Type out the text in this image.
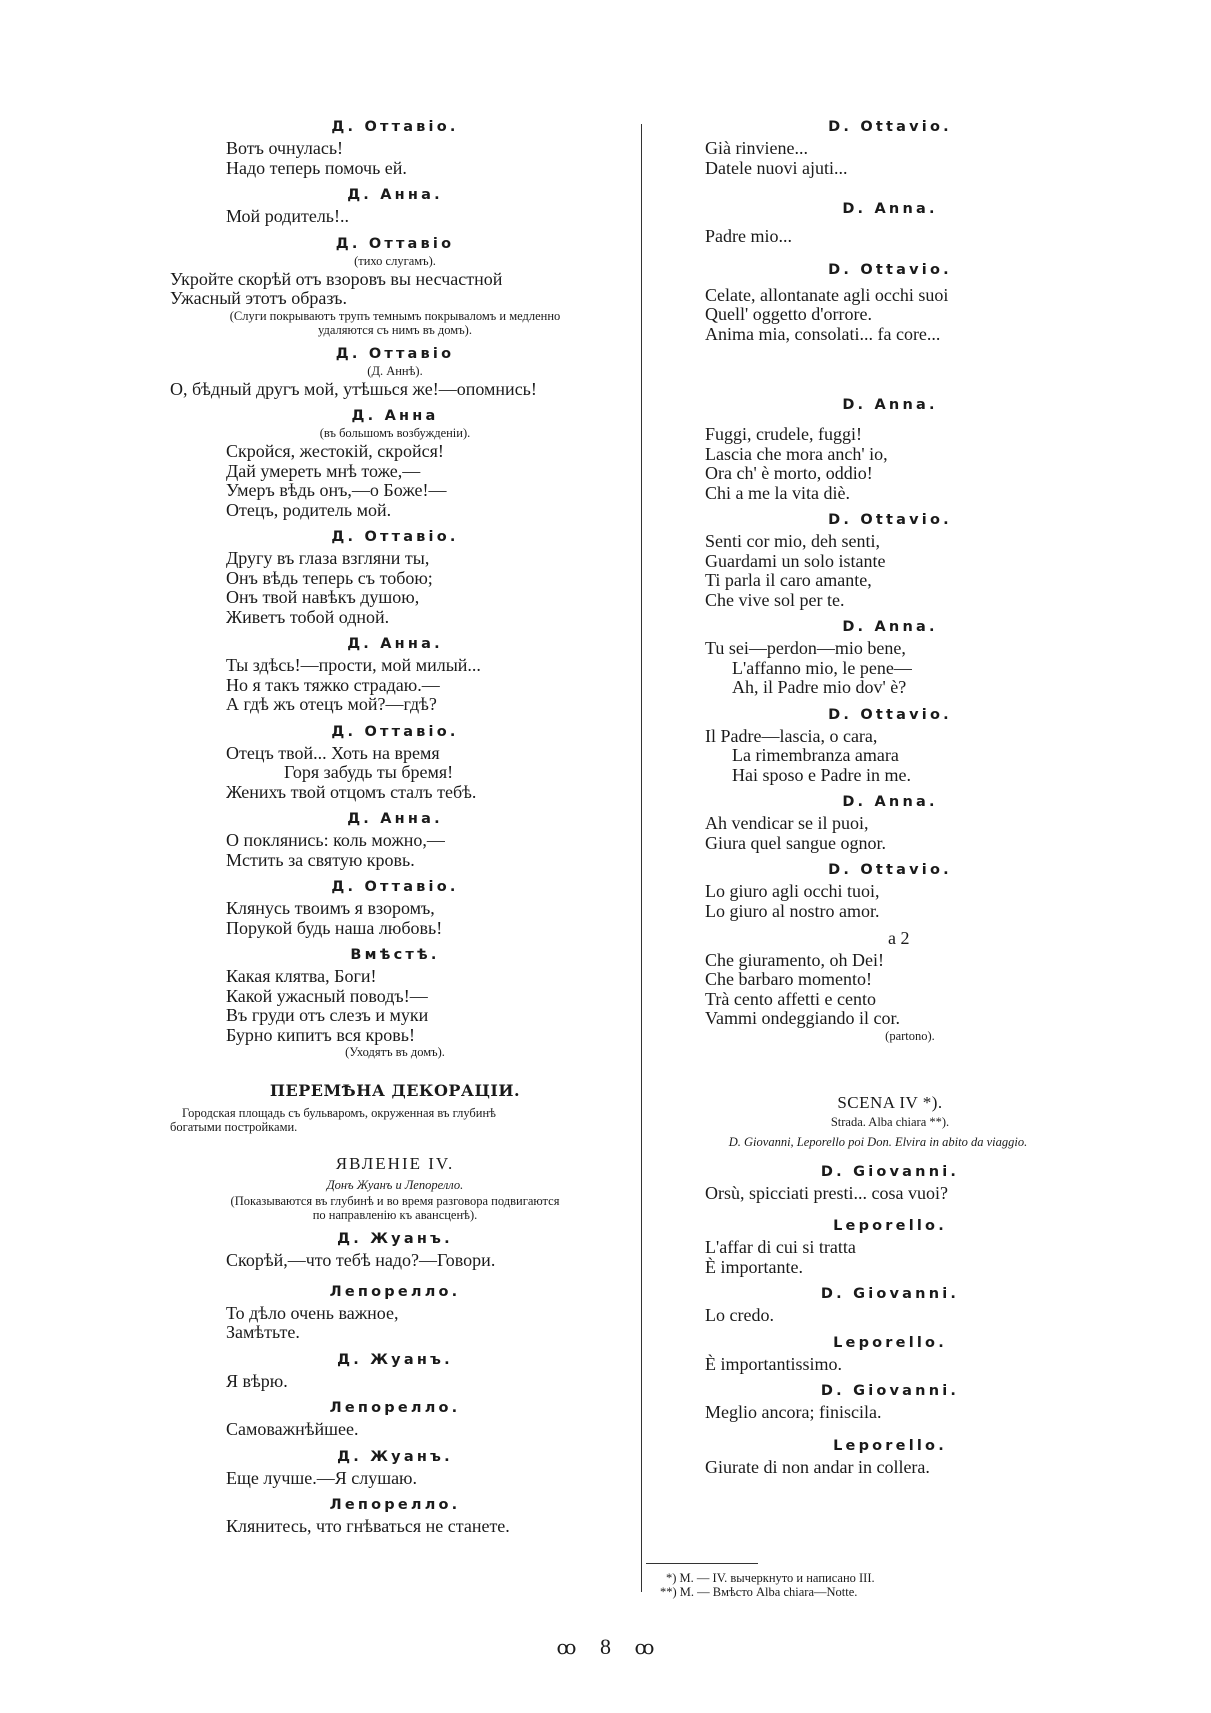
Д. Оттавіо.
Вотъ очнулась!
Надо теперь помочь ей.
Д. Анна.
Мой родитель!..
Д. Оттавіо
(тихо слугамъ).
Укройте скорѣй отъ взоровъ вы несчастной
Ужасный этотъ образъ.
(Слуги покрываютъ трупъ темнымъ покрываломъ и медленно
удаляются съ нимъ въ домъ).
Д. Оттавіо
(Д. Аннѣ).
О, бѣдный другъ мой, утѣшься же!—опомнись!
Д. Анна
(въ большомъ возбужденіи).
Скройся, жестокій, скройся!
Дай умереть мнѣ тоже,—
Умеръ вѣдь онъ,—о Боже!—
Отецъ, родитель мой.
Д. Оттавіо.
Другу въ глаза взгляни ты,
Онъ вѣдь теперь съ тобою;
Онъ твой навѣкъ душою,
Живетъ тобой одной.
Д. Анна.
Ты здѣсь!—прости, мой милый...
Но я такъ тяжко страдаю.—
А гдѣ жъ отецъ мой?—гдѣ?
Д. Оттавіо.
Отецъ твой... Хоть на время
Горя забудь ты бремя!
Женихъ твой отцомъ сталъ тебѣ.
Д. Анна.
О поклянись: коль можно,—
Мстить за святую кровь.
Д. Оттавіо.
Клянусь твоимъ я взоромъ,
Порукой будь наша любовь!
Вмѣстѣ.
Какая клятва, Боги!
Какой ужасный поводъ!—
Въ груди отъ слезъ и муки
Бурно кипитъ вся кровь!
(Уходятъ въ домъ).
ПЕРЕМѢНА ДЕКОРАЦІИ.
Городская площадь съ бульваромъ, окруженная въ глубинѣ
богатыми постройками.
ЯВЛЕНІЕ IV.
Донъ Жуанъ и Лепорелло.
(Показываются въ глубинѣ и во время разговора подвигаются
по направленію къ авансценѣ).
Д. Жуанъ.
Скорѣй,—что тебѣ надо?—Говори.
Лепорелло.
То дѣло очень важное,
Замѣтьте.
Д. Жуанъ.
Я вѣрю.
Лепорелло.
Самоважнѣйшее.
Д. Жуанъ.
Еще лучше.—Я слушаю.
Лепорелло.
Клянитесь, что гнѣваться не станете.
D. Ottavio.
Già rinviene...
Datele nuovi ajuti...
D. Anna.
Padre mio...
D. Ottavio.
Celate, allontanate agli occhi suoi
Quell' oggetto d'orrore.
Anima mia, consolati... fa core...
D. Anna.
Fuggi, crudele, fuggi!
Lascia che mora anch' io,
Ora ch' è morto, oddio!
Chi a me la vita diè.
D. Ottavio.
Senti cor mio, deh senti,
Guardami un solo istante
Ti parla il caro amante,
Che vive sol per te.
D. Anna.
Tu sei—perdon—mio bene,
L'affanno mio, le pene—
Ah, il Padre mio dov' è?
D. Ottavio.
Il Padre—lascia, o cara,
La rimembranza amara
Hai sposo e Padre in me.
D. Anna.
Ah vendicar se il puoi,
Giura quel sangue ognor.
D. Ottavio.
Lo giuro agli occhi tuoi,
Lo giuro al nostro amor.
a 2
Che giuramento, oh Dei!
Che barbaro momento!
Trà cento affetti e cento
Vammi ondeggiando il cor.
(partono).
SCENA IV *).
Strada. Alba chiara **).
D. Giovanni, Leporello poi Don. Elvira in abito da viaggio.
D. Giovanni.
Orsù, spicciati presti... cosa vuoi?
Leporello.
L'affar di cui si tratta
È importante.
D. Giovanni.
Lo credo.
Leporello.
È importantissimo.
D. Giovanni.
Meglio ancora; finiscila.
Leporello.
Giurate di non andar in collera.
*) М. — IV. вычеркнуто и написано III.
**) М. — Вмѣсто Alba chiara—Notte.
ꝏ 8 ꝏ
